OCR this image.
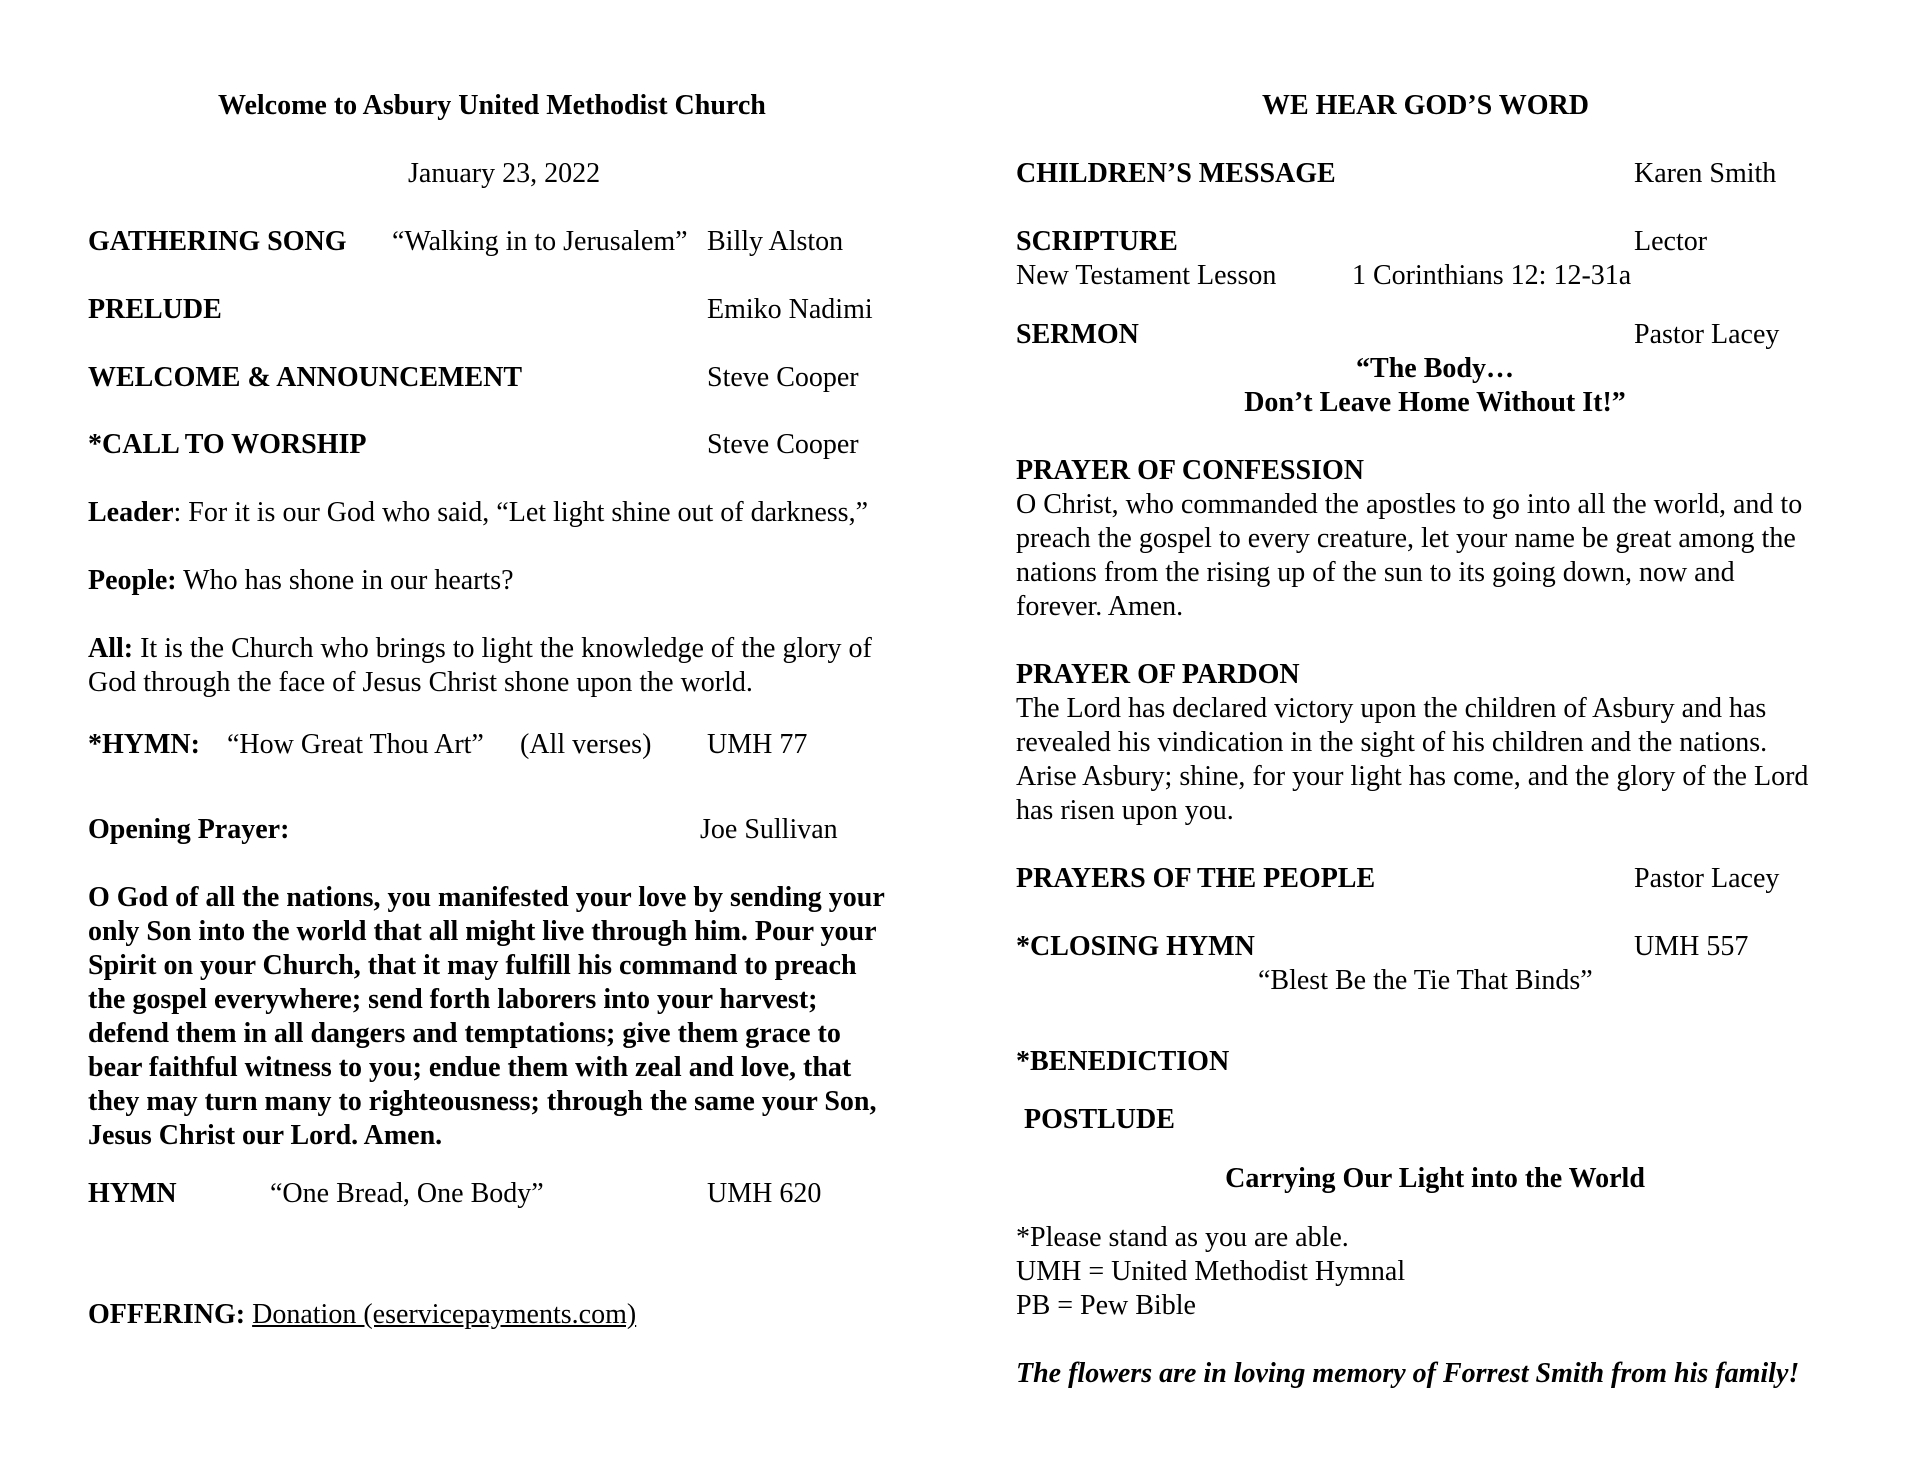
Welcome to Asbury United Methodist Church
January 23, 2022
GATHERING SONG “Walking in to Jerusalem” Billy Alston
PRELUDE	Emiko Nadimi
WELCOME & ANNOUNCEMENT	Steve Cooper
*CALL TO WORSHIP	Steve Cooper
Leader: For it is our God who said, “Let light shine out of darkness,”
People: Who has shone in our hearts?
All: It is the Church who brings to light the knowledge of the glory of
God through the face of Jesus Christ shone upon the world.
*HYMN: “How Great Thou Art” (All verses) UMH 77
Opening Prayer:	Joe Sullivan
O God of all the nations, you manifested your love by sending your
only Son into the world that all might live through him. Pour your
Spirit on your Church, that it may fulfill his command to preach
the gospel everywhere; send forth laborers into your harvest;
defend them in all dangers and temptations; give them grace to
bear faithful witness to you; endue them with zeal and love, that
they may turn many to righteousness; through the same your Son,
Jesus Christ our Lord. Amen.
HYMN	“One Bread, One Body”	UMH 620
OFFERING: Donation (eservicepayments.com)
WE HEAR GOD’S WORD
CHILDREN’S MESSAGE	Karen Smith
SCRIPTURE	Lector
New Testament Lesson	1 Corinthians 12: 12-31a
SERMON	Pastor Lacey
“The Body…
Don’t Leave Home Without It!”
PRAYER OF CONFESSION
O Christ, who commanded the apostles to go into all the world, and to
preach the gospel to every creature, let your name be great among the
nations from the rising up of the sun to its going down, now and
forever. Amen.
PRAYER OF PARDON
The Lord has declared victory upon the children of Asbury and has
revealed his vindication in the sight of his children and the nations.
Arise Asbury; shine, for your light has come, and the glory of the Lord
has risen upon you.
PRAYERS OF THE PEOPLE	Pastor Lacey
*CLOSING HYMN	UMH 557
“Blest Be the Tie That Binds”
*BENEDICTION
POSTLUDE
Carrying Our Light into the World
*Please stand as you are able.
UMH = United Methodist Hymnal
PB = Pew Bible
The flowers are in loving memory of Forrest Smith from his family!
